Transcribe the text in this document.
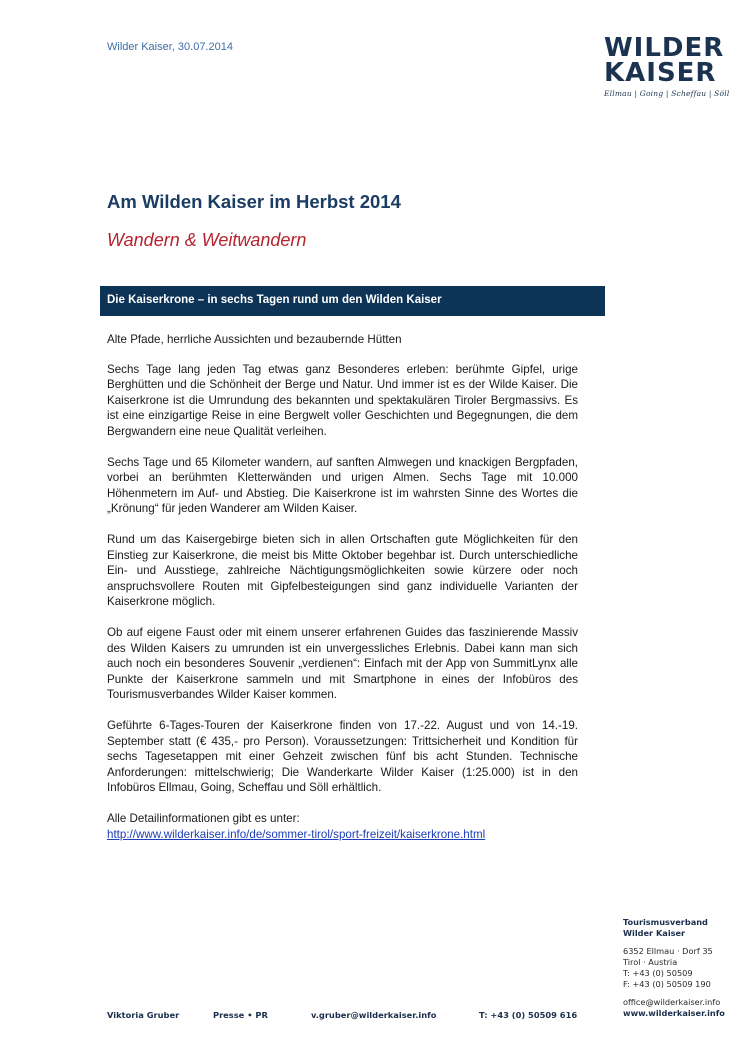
Wilder Kaiser, 30.07.2014	WILDER
KAISER
Ellmau | Going | Scheffau | Söll
Am Wilden Kaiser im Herbst 2014
Wandern & Weitwandern
Die Kaiserkrone – in sechs Tagen rund um den Wilden Kaiser

Alte Pfade, herrliche Aussichten und bezaubernde Hütten

Sechs Tage lang jeden Tag etwas ganz Besonderes erleben: berühmte Gipfel, urige Berghütten und die Schönheit der Berge und Natur. Und immer ist es der Wilde Kaiser. Die Kaiserkrone ist die Umrundung des bekannten und spektakulären Tiroler Bergmassivs. Es ist eine einzigartige Reise in eine Bergwelt voller Geschichten und Begegnungen, die dem Bergwandern eine neue Qualität verleihen.

Sechs Tage und 65 Kilometer wandern, auf sanften Almwegen und knackigen Bergpfaden, vorbei an berühmten Kletterwänden und urigen Almen. Sechs Tage mit 10.000 Höhenmetern im Auf- und Abstieg. Die Kaiserkrone ist im wahrsten Sinne des Wortes die „Krönung“ für jeden Wanderer am Wilden Kaiser.

Rund um das Kaisergebirge bieten sich in allen Ortschaften gute Möglichkeiten für den Einstieg zur Kaiserkrone, die meist bis Mitte Oktober begehbar ist. Durch unterschiedliche Ein- und Ausstiege, zahlreiche Nächtigungsmöglichkeiten sowie kürzere oder noch anspruchsvollere Routen mit Gipfelbesteigungen sind ganz individuelle Varianten der Kaiserkrone möglich.

Ob auf eigene Faust oder mit einem unserer erfahrenen Guides das faszinierende Massiv des Wilden Kaisers zu umrunden ist ein unvergessliches Erlebnis. Dabei kann man sich auch noch ein besonderes Souvenir „verdienen“: Einfach mit der App von SummitLynx alle Punkte der Kaiserkrone sammeln und mit Smartphone in eines der Infobüros des Tourismusverbandes Wilder Kaiser kommen.

Geführte 6-Tages-Touren der Kaiserkrone finden von 17.-22. August und von 14.-19. September statt (€ 435,- pro Person). Voraussetzungen: Trittsicherheit und Kondition für sechs Tagesetappen mit einer Gehzeit zwischen fünf bis acht Stunden. Technische Anforderungen: mittelschwierig; Die Wanderkarte Wilder Kaiser (1:25.000) ist in den Infobüros Ellmau, Going, Scheffau und Söll erhältlich.

Alle Detailinformationen gibt es unter:
http://www.wilderkaiser.info/de/sommer-tirol/sport-freizeit/kaiserkrone.html

Tourismusverband
Wilder Kaiser
6352 Ellmau · Dorf 35
Tirol · Austria
T: +43 (0) 50509
F: +43 (0) 50509 190
office@wilderkaiser.info
www.wilderkaiser.info
Viktoria Gruber	Presse • PR	v.gruber@wilderkaiser.info	T: +43 (0) 50509 616
